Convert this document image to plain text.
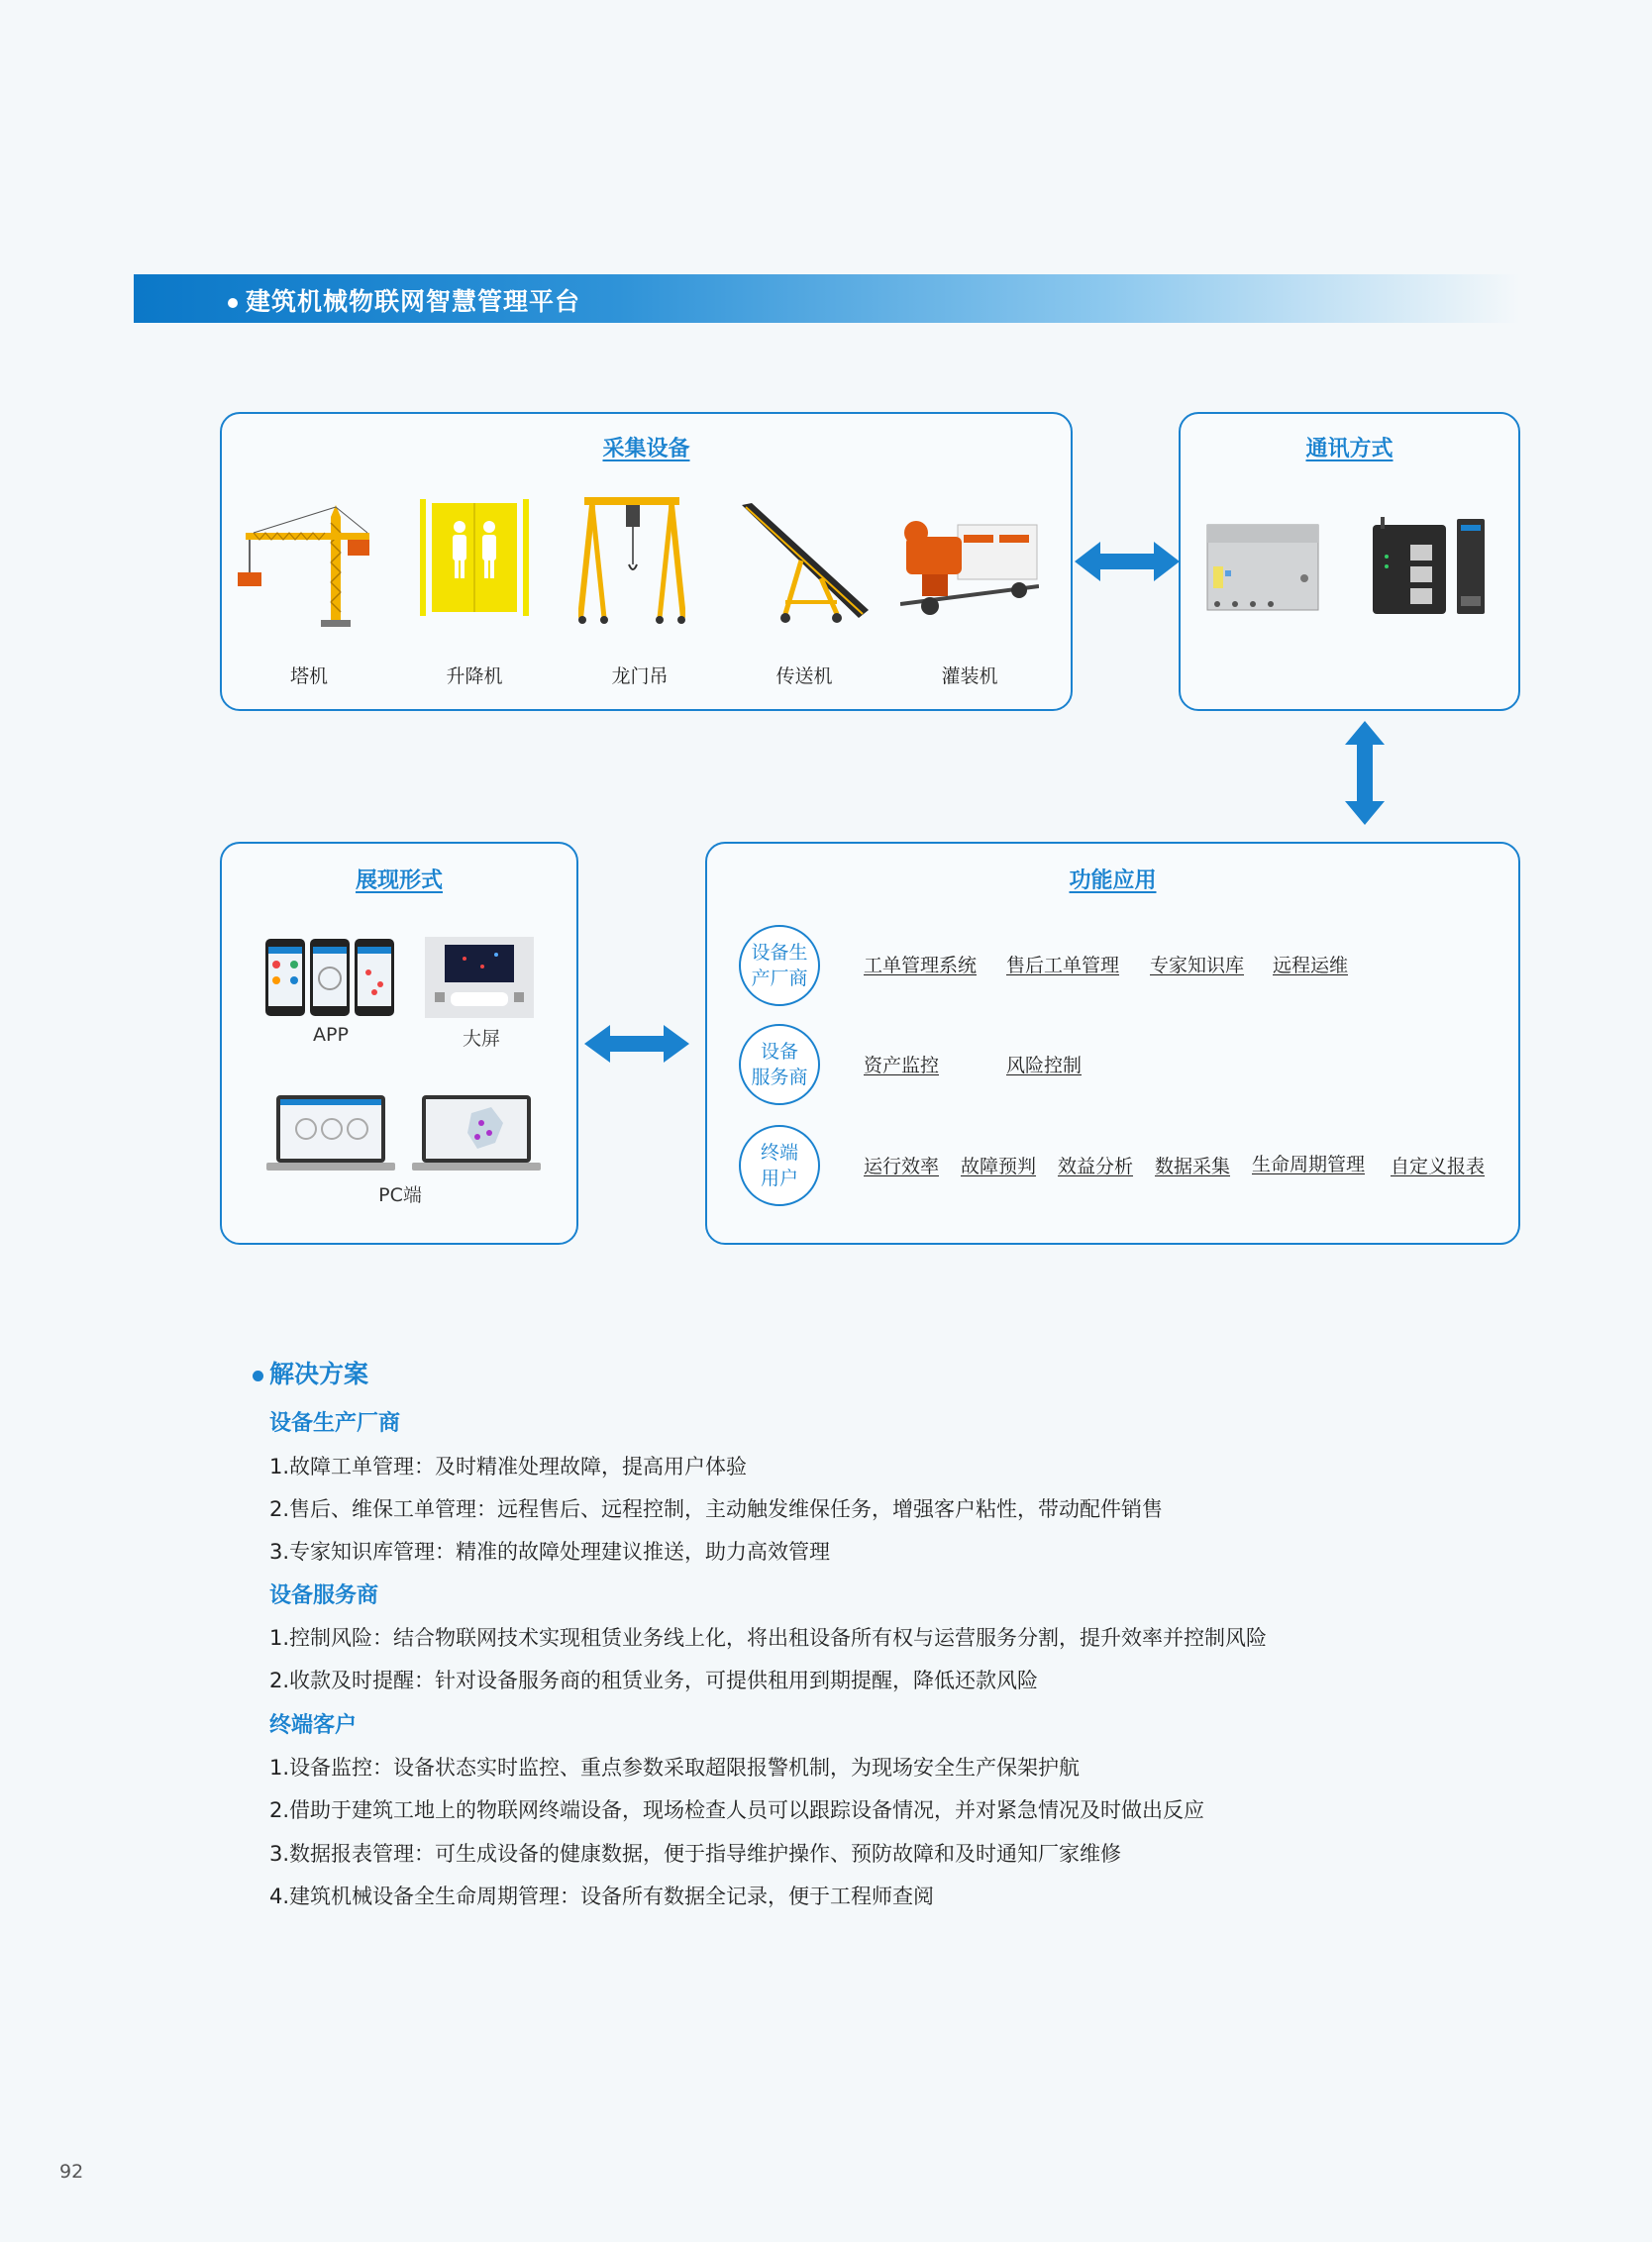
建筑机械物联网智慧管理平台
采集设备
塔机	升降机	龙门吊	传送机	灌装机
通讯方式
展现形式
APP	大屏
PC端
功能应用
设备生
产厂商
设备
服务商
终端
用户
工单管理系统 售后工单管理 专家知识库 远程运维
资产监控	风险控制
运行效率 故障预判 效益分析 数据采集 生命周期管理 自定义报表
解决方案
设备生产厂商
1.故障工单管理：及时精准处理故障，提高用户体验
2.售后、维保工单管理：远程售后、远程控制，主动触发维保任务，增强客户粘性，带动配件销售
3.专家知识库管理：精准的故障处理建议推送，助力高效管理
设备服务商
1.控制风险：结合物联网技术实现租赁业务线上化，将出租设备所有权与运营服务分割，提升效率并控制风险
2.收款及时提醒：针对设备服务商的租赁业务，可提供租用到期提醒，降低还款风险
终端客户
1.设备监控：设备状态实时监控、重点参数采取超限报警机制，为现场安全生产保架护航
2.借助于建筑工地上的物联网终端设备，现场检查人员可以跟踪设备情况，并对紧急情况及时做出反应
3.数据报表管理：可生成设备的健康数据，便于指导维护操作、预防故障和及时通知厂家维修
4.建筑机械设备全生命周期管理：设备所有数据全记录，便于工程师查阅
92
